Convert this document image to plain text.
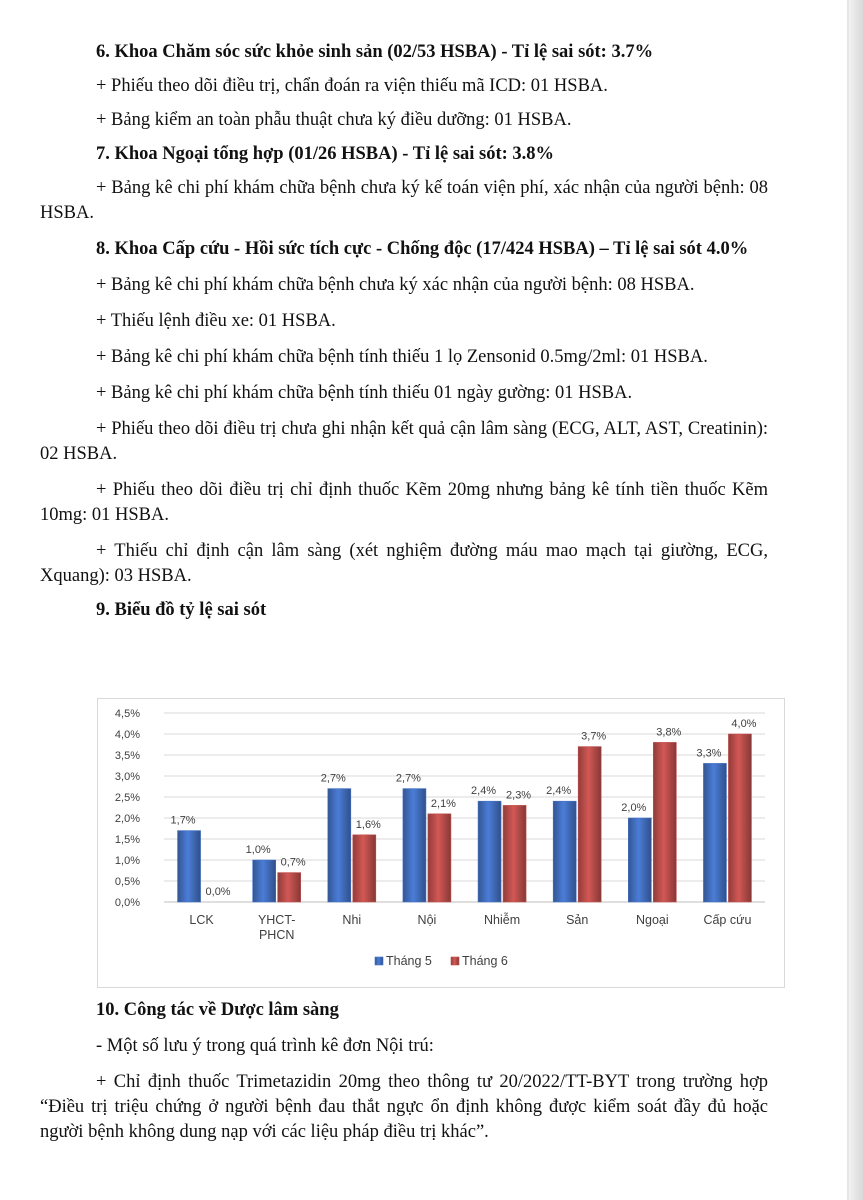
6. Khoa Chăm sóc sức khỏe sinh sản (02/53 HSBA) - Tỉ lệ sai sót: 3.7%

+ Phiếu theo dõi điều trị, chẩn đoán ra viện thiếu mã ICD: 01 HSBA.

+ Bảng kiểm an toàn phẫu thuật chưa ký điều dưỡng: 01 HSBA.

7. Khoa Ngoại tổng hợp (01/26 HSBA) - Tỉ lệ sai sót: 3.8%

+ Bảng kê chi phí khám chữa bệnh chưa ký kế toán viện phí, xác nhận của người bệnh: 08 HSBA.

8. Khoa Cấp cứu - Hồi sức tích cực - Chống độc (17/424 HSBA) – Tỉ lệ sai sót 4.0%

+ Bảng kê chi phí khám chữa bệnh chưa ký xác nhận của người bệnh: 08 HSBA.

+ Thiếu lệnh điều xe: 01 HSBA.

+ Bảng kê chi phí khám chữa bệnh tính thiếu 1 lọ Zensonid 0.5mg/2ml: 01 HSBA.

+ Bảng kê chi phí khám chữa bệnh tính thiếu 01 ngày gường: 01 HSBA.

+ Phiếu theo dõi điều trị chưa ghi nhận kết quả cận lâm sàng (ECG, ALT, AST, Creatinin): 02 HSBA.

+ Phiếu theo dõi điều trị chỉ định thuốc Kẽm 20mg nhưng bảng kê tính tiền thuốc Kẽm 10mg: 01 HSBA.

+ Thiếu chỉ định cận lâm sàng (xét nghiệm đường máu mao mạch tại giường, ECG, Xquang): 03 HSBA.

9. Biểu đồ tỷ lệ sai sót

0,0%
0,5%
1,0%
1,5%
2,0%
2,5%
3,0%
3,5%
4,0%
4,5%
1,7%
0,0%
LCK
1,0%
0,7%
YHCT-
PHCN
2,7%
1,6%
Nhi
2,7%
2,1%
Nội
2,4% 2,3%
Nhiễm
2,4%
3,7%
Sản
2,0%
3,8%
Ngoại
3,3%
4,0%
Cấp cứu
Tháng 5 Tháng 6

10. Công tác về Dược lâm sàng

- Một số lưu ý trong quá trình kê đơn Nội trú:

+ Chỉ định thuốc Trimetazidin 20mg theo thông tư 20/2022/TT-BYT trong trường hợp “Điều trị triệu chứng ở người bệnh đau thắt ngực ổn định không được kiểm soát đầy đủ hoặc người bệnh không dung nạp với các liệu pháp điều trị khác”.
